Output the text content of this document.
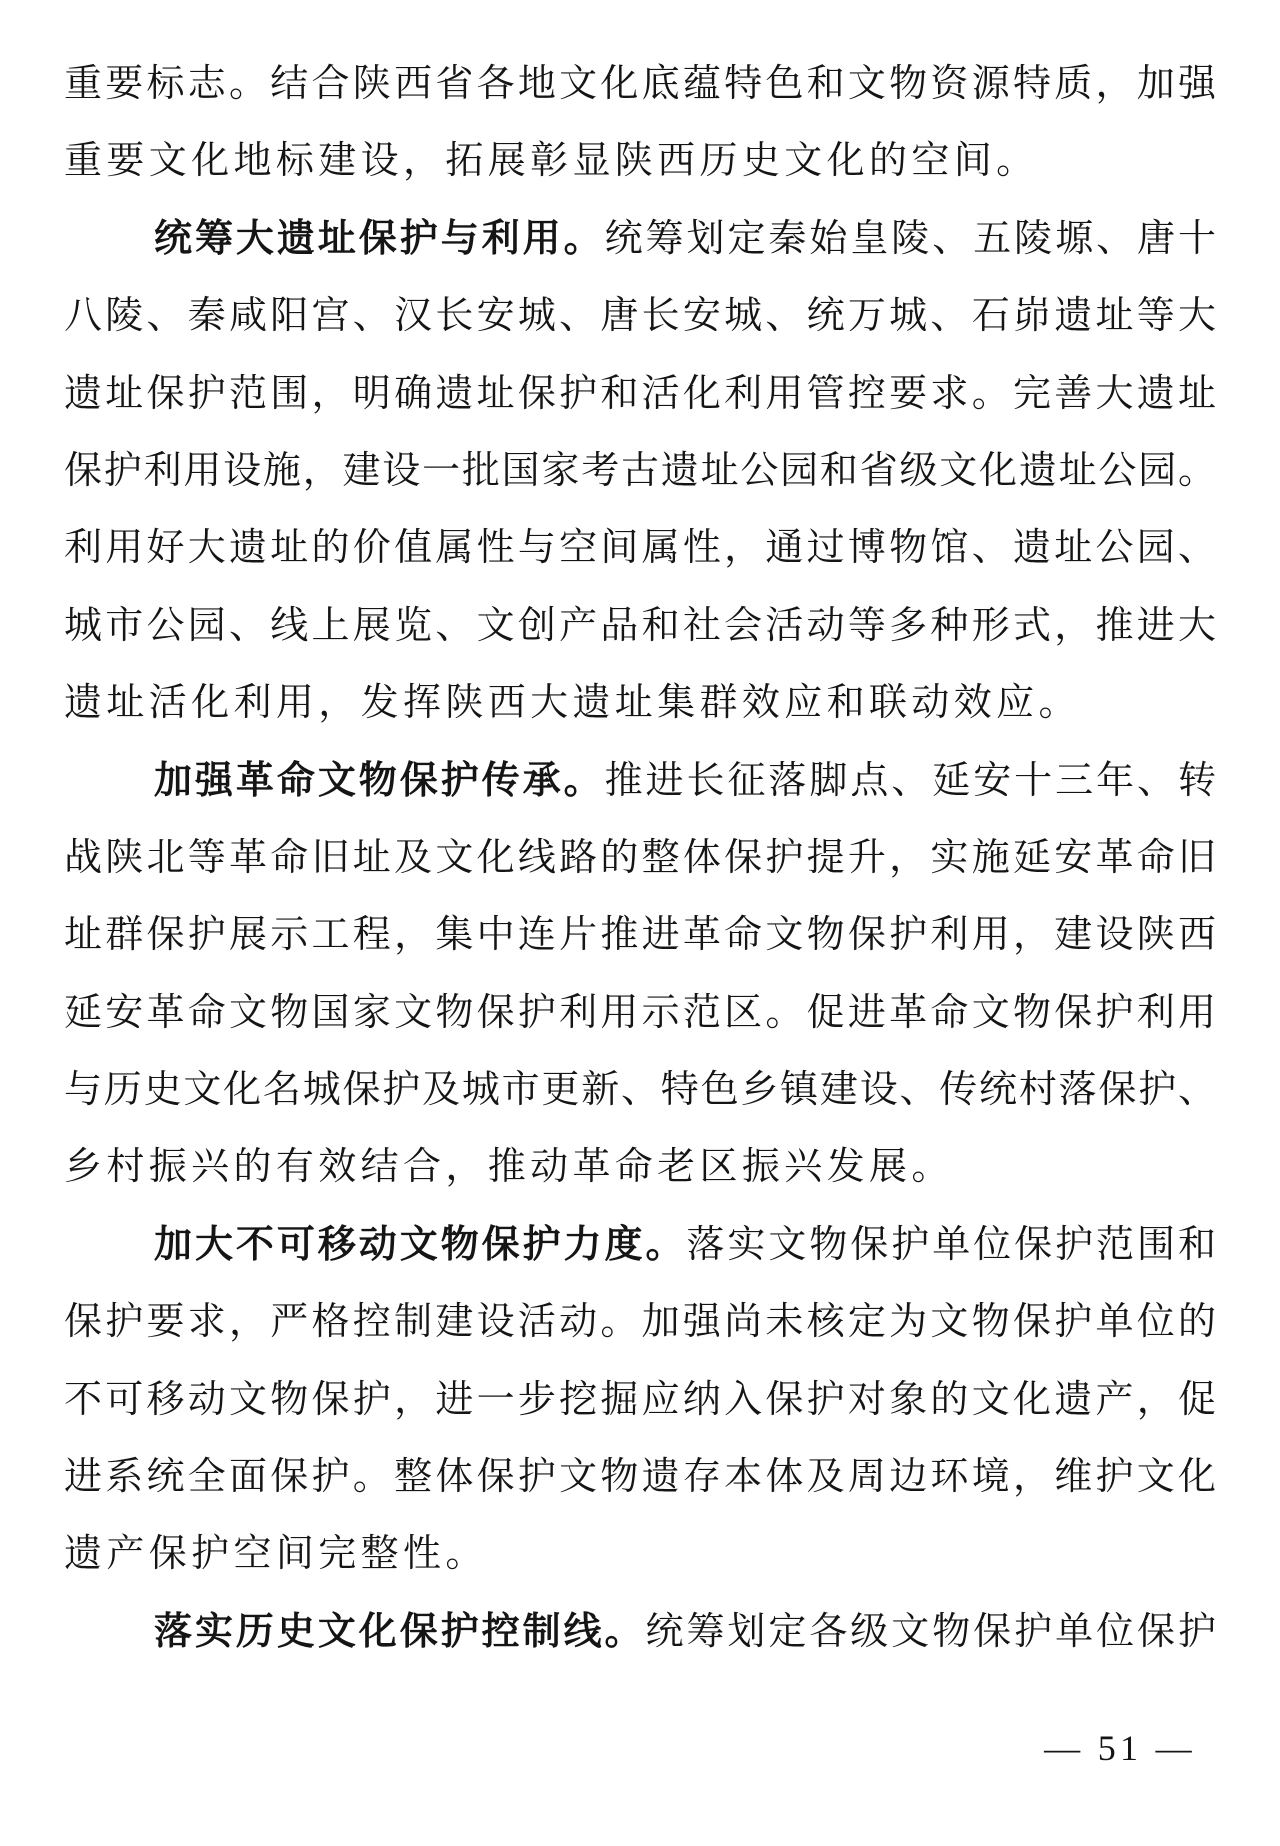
重要标志。结合陕西省各地文化底蕴特色和文物资源特质，加强
重要文化地标建设，拓展彰显陕西历史文化的空间。
统筹大遗址保护与利用。统筹划定秦始皇陵、五陵塬、唐十
八陵、秦咸阳宫、汉长安城、唐长安城、统万城、石峁遗址等大
遗址保护范围，明确遗址保护和活化利用管控要求。完善大遗址
保护利用设施，建设一批国家考古遗址公园和省级文化遗址公园。
利用好大遗址的价值属性与空间属性，通过博物馆、遗址公园、
城市公园、线上展览、文创产品和社会活动等多种形式，推进大
遗址活化利用，发挥陕西大遗址集群效应和联动效应。
加强革命文物保护传承。推进长征落脚点、延安十三年、转
战陕北等革命旧址及文化线路的整体保护提升，实施延安革命旧
址群保护展示工程，集中连片推进革命文物保护利用，建设陕西
延安革命文物国家文物保护利用示范区。促进革命文物保护利用
与历史文化名城保护及城市更新、特色乡镇建设、传统村落保护、
乡村振兴的有效结合，推动革命老区振兴发展。
加大不可移动文物保护力度。落实文物保护单位保护范围和
保护要求，严格控制建设活动。加强尚未核定为文物保护单位的
不可移动文物保护，进一步挖掘应纳入保护对象的文化遗产，促
进系统全面保护。整体保护文物遗存本体及周边环境，维护文化
遗产保护空间完整性。
落实历史文化保护控制线。统筹划定各级文物保护单位保护
— 51 —
